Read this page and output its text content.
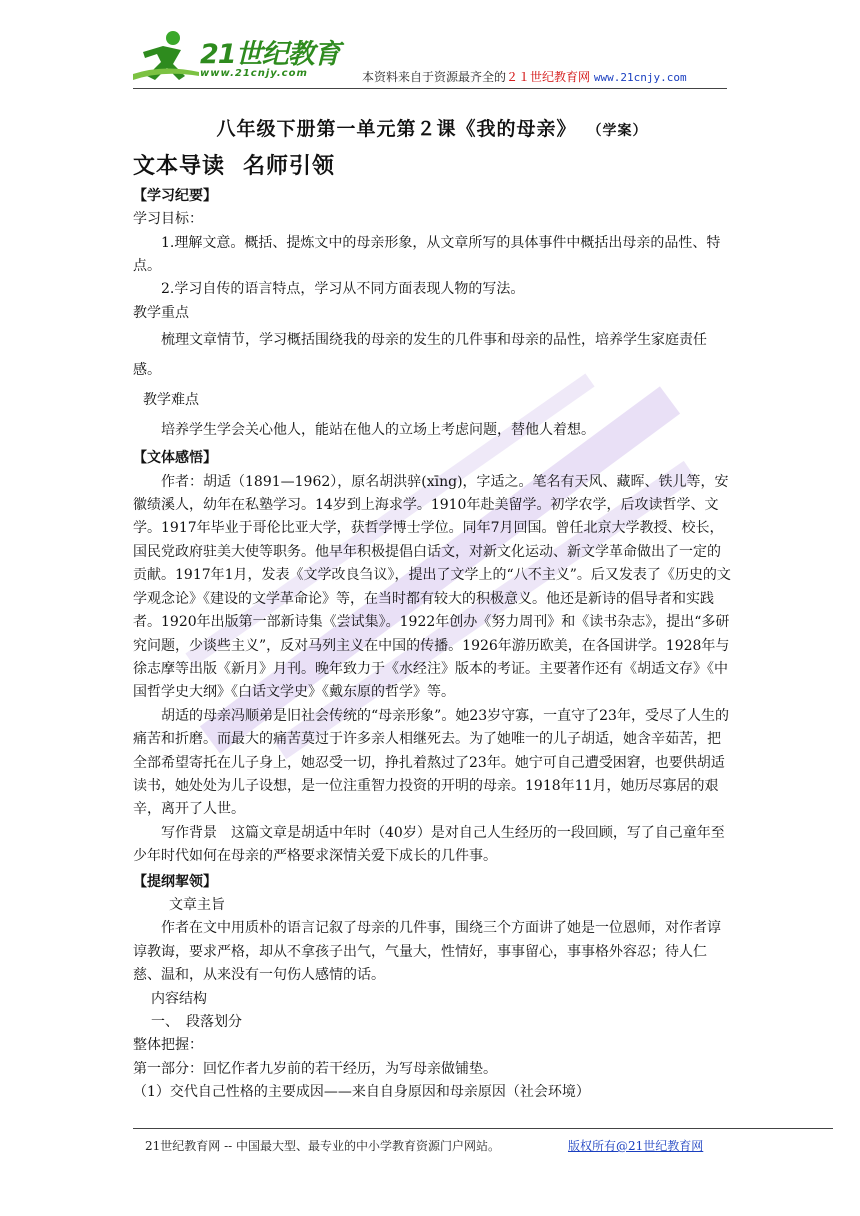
21世纪教育
www.21cnjy.com	本资料来自于资源最齐全的２１世纪教育网 www.21cnjy.com

八年级下册第一单元第２课《我的母亲》 （学案）

文本导读 名师引领

【学习纪要】

学习目标：

1.理解文意。概括、提炼文中的母亲形象，从文章所写的具体事件中概括出母亲的品性、特点。

2.学习自传的语言特点，学习从不同方面表现人物的写法。

教学重点

梳理文章情节，学习概括围绕我的母亲的发生的几件事和母亲的品性，培养学生家庭责任感。

教学难点

培养学生学会关心他人，能站在他人的立场上考虑问题，替他人着想。

【文体感悟】

作者：胡适（1891—1962），原名胡洪骍(xīng)，字适之。笔名有天风、藏晖、铁儿等，安徽绩溪人，幼年在私塾学习。14岁到上海求学。1910年赴美留学。初学农学，后攻读哲学、文学。1917年毕业于哥伦比亚大学，获哲学博士学位。同年7月回国。曾任北京大学教授、校长，国民党政府驻美大使等职务。他早年积极提倡白话文，对新文化运动、新文学革命做出了一定的贡献。1917年1月，发表《文学改良刍议》，提出了文学上的“八不主义”。后又发表了《历史的文学观念论》《建设的文学革命论》等，在当时都有较大的积极意义。他还是新诗的倡导者和实践者。1920年出版第一部新诗集《尝试集》。1922年创办《努力周刊》和《读书杂志》，提出“多研究问题，少谈些主义”，反对马列主义在中国的传播。1926年游历欧美，在各国讲学。1928年与徐志摩等出版《新月》月刊。晚年致力于《水经注》版本的考证。主要著作还有《胡适文存》《中国哲学史大纲》《白话文学史》《戴东原的哲学》等。

胡适的母亲冯顺弟是旧社会传统的“母亲形象”。她23岁守寡，一直守了23年，受尽了人生的痛苦和折磨。而最大的痛苦莫过于许多亲人相继死去。为了她唯一的儿子胡适，她含辛茹苦，把全部希望寄托在儿子身上，她忍受一切，挣扎着熬过了23年。她宁可自己遭受困窘，也要供胡适读书，她处处为儿子设想，是一位注重智力投资的开明的母亲。1918年11月，她历尽寡居的艰辛，离开了人世。

写作背景　这篇文章是胡适中年时（40岁）是对自己人生经历的一段回顾，写了自己童年至少年时代如何在母亲的严格要求深情关爱下成长的几件事。

【提纲挈领】

文章主旨

作者在文中用质朴的语言记叙了母亲的几件事，围绕三个方面讲了她是一位恩师，对作者谆谆教诲，要求严格，却从不拿孩子出气，气量大，性情好，事事留心，事事格外容忍；待人仁慈、温和，从来没有一句伤人感情的话。

内容结构

一、　段落划分

整体把握：

第一部分：回忆作者九岁前的若干经历，为写母亲做铺垫。

（1）交代自己性格的主要成因——来自自身原因和母亲原因（社会环境）

21世纪教育网 -- 中国最大型、最专业的中小学教育资源门户网站。	版权所有@21世纪教育网
